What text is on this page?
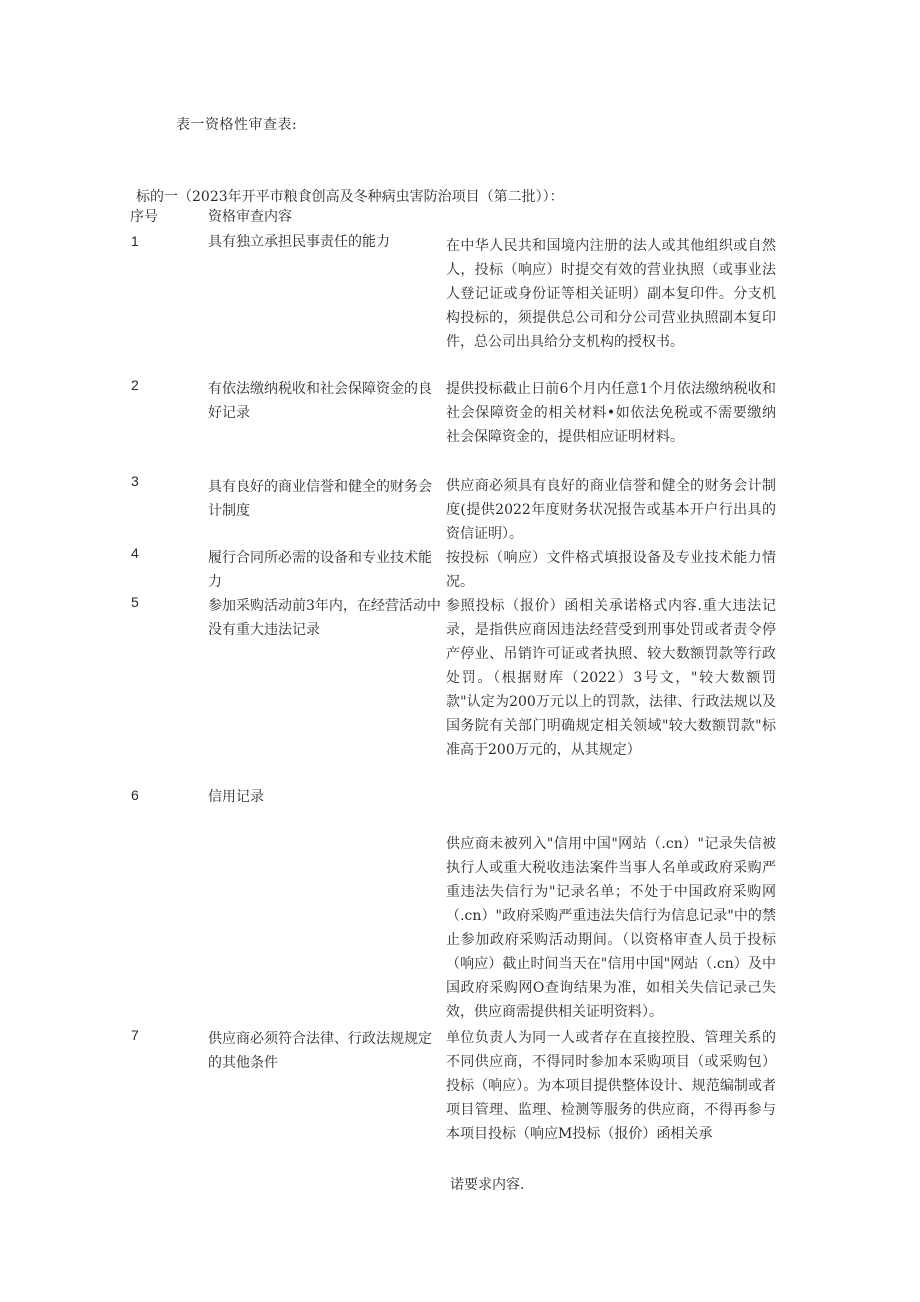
表一资格性审查表:
标的一（2023年开平市粮食创高及冬种病虫害防治项目（第二批））：
序号	资格审查内容
1	具有独立承担民事责任的能力	在中华人民共和国境内注册的法人或其他组织或自然人，投标（响应）时提交有效的营业执照（或事业法人登记证或身份证等相关证明）副本复印件。分支机构投标的，须提供总公司和分公司营业执照副本复印件，总公司出具给分支机构的授权书。
2	有依法缴纳税收和社会保障资金的良好记录
提供投标截止日前6个月内任意1个月依法缴纳税收和社会保障资金的相关材料•如依法免税或不需要缴纳社会保障资金的，提供相应证明材料。
3	具有良好的商业信誉和健全的财务会计制度
供应商必须具有良好的商业信誉和健全的财务会计制度(提供2022年度财务状况报告或基本开户行出具的资信证明）。
4	履行合同所必需的设备和专业技术能力
按投标（响应）文件格式填报设备及专业技术能力情况。
5	参加采购活动前3年内，在经营活动中没有重大违法记录
参照投标（报价）函相关承诺格式内容.重大违法记录，是指供应商因违法经营受到刑事处罚或者责令停产停业、吊销许可证或者执照、较大数额罚款等行政处罚。（根据财库（2022）3号文，"较大数额罚款"认定为200万元以上的罚款，法律、行政法规以及国务院有关部门明确规定相关领域"较大数额罚款"标准高于200万元的，从其规定）
6	信用记录
供应商未被列入"信用中国"网站（.cn）"记录失信被执行人或重大税收违法案件当事人名单或政府采购严重违法失信行为"记录名单；不处于中国政府采购网（.cn）"政府采购严重违法失信行为信息记录"中的禁止参加政府采购活动期间。（以资格审查人员于投标（响应）截止时间当天在"信用中国"网站（.cn）及中国政府采购网O查询结果为准，如相关失信记录己失效，供应商需提供相关证明资料）。
7	供应商必须符合法律、行政法规规定的其他条件
单位负责人为同一人或者存在直接控股、管理关系的不同供应商，不得同时参加本采购项目（或采购包）投标（响应）。为本项目提供整体设计、规范编制或者项目管理、监理、检测等服务的供应商，不得再参与本项目投标（响应M投标（报价）函相关承
诺要求内容.
